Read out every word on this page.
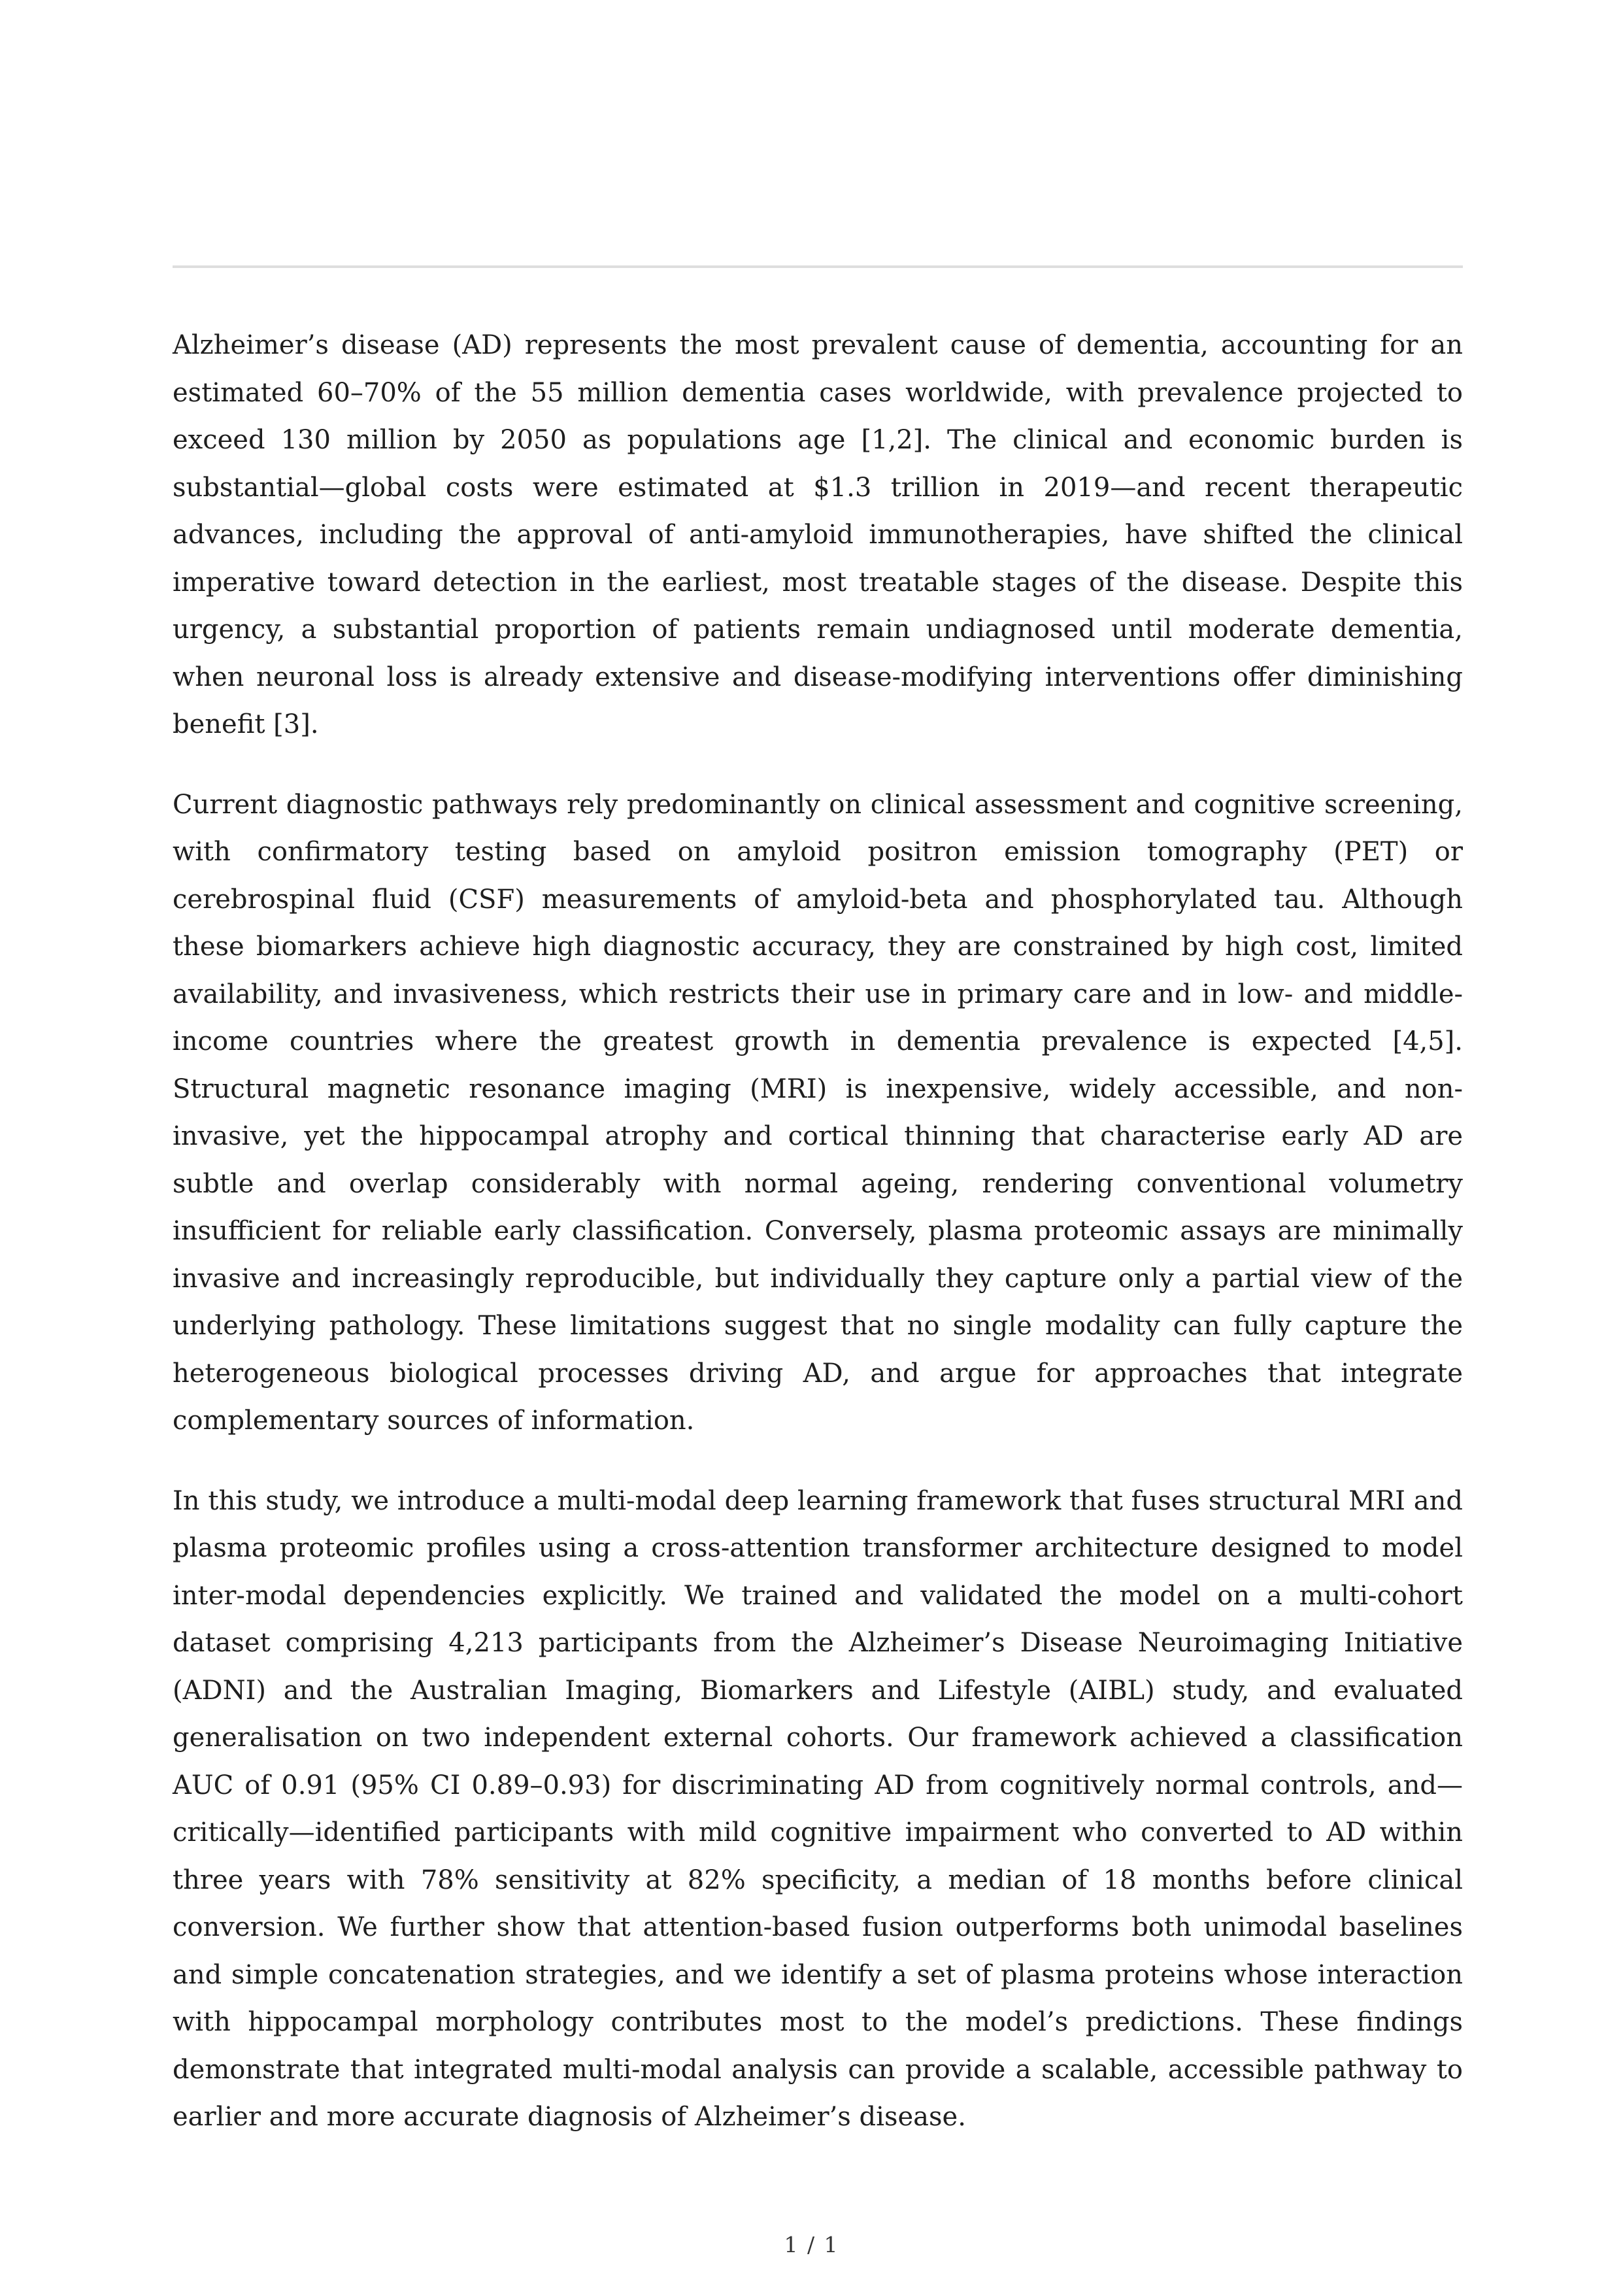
Alzheimer’s disease (AD) represents the most prevalent cause of dementia, accounting for an estimated 60–70% of the 55 million dementia cases worldwide, with prevalence projected to exceed 130 million by 2050 as populations age [1,2]. The clinical and economic burden is substantial—global costs were estimated at $1.3 trillion in 2019—and recent therapeutic advances, including the approval of anti-amyloid immunotherapies, have shifted the clinical imperative toward detection in the earliest, most treatable stages of the disease. Despite this urgency, a substantial proportion of patients remain undiagnosed until moderate dementia, when neuronal loss is already extensive and disease-modifying interventions offer diminishing benefit [3].

Current diagnostic pathways rely predominantly on clinical assessment and cognitive screening, with confirmatory testing based on amyloid positron emission tomography (PET) or cerebrospinal fluid (CSF) measurements of amyloid-beta and phosphorylated tau. Although these biomarkers achieve high diagnostic accuracy, they are constrained by high cost, limited availability, and invasiveness, which restricts their use in primary care and in low- and middle-income countries where the greatest growth in dementia prevalence is expected [4,5]. Structural magnetic resonance imaging (MRI) is inexpensive, widely accessible, and non-invasive, yet the hippocampal atrophy and cortical thinning that characterise early AD are subtle and overlap considerably with normal ageing, rendering conventional volumetry insufficient for reliable early classification. Conversely, plasma proteomic assays are minimally invasive and increasingly reproducible, but individually they capture only a partial view of the underlying pathology. These limitations suggest that no single modality can fully capture the heterogeneous biological processes driving AD, and argue for approaches that integrate complementary sources of information.

In this study, we introduce a multi-modal deep learning framework that fuses structural MRI and plasma proteomic profiles using a cross-attention transformer architecture designed to model inter-modal dependencies explicitly. We trained and validated the model on a multi-cohort dataset comprising 4,213 participants from the Alzheimer’s Disease Neuroimaging Initiative (ADNI) and the Australian Imaging, Biomarkers and Lifestyle (AIBL) study, and evaluated generalisation on two independent external cohorts. Our framework achieved a classification AUC of 0.91 (95% CI 0.89–0.93) for discriminating AD from cognitively normal controls, and—critically—identified participants with mild cognitive impairment who converted to AD within three years with 78% sensitivity at 82% specificity, a median of 18 months before clinical conversion. We further show that attention-based fusion outperforms both unimodal baselines and simple concatenation strategies, and we identify a set of plasma proteins whose interaction with hippocampal morphology contributes most to the model’s predictions. These findings demonstrate that integrated multi-modal analysis can provide a scalable, accessible pathway to earlier and more accurate diagnosis of Alzheimer’s disease.

1 / 1
